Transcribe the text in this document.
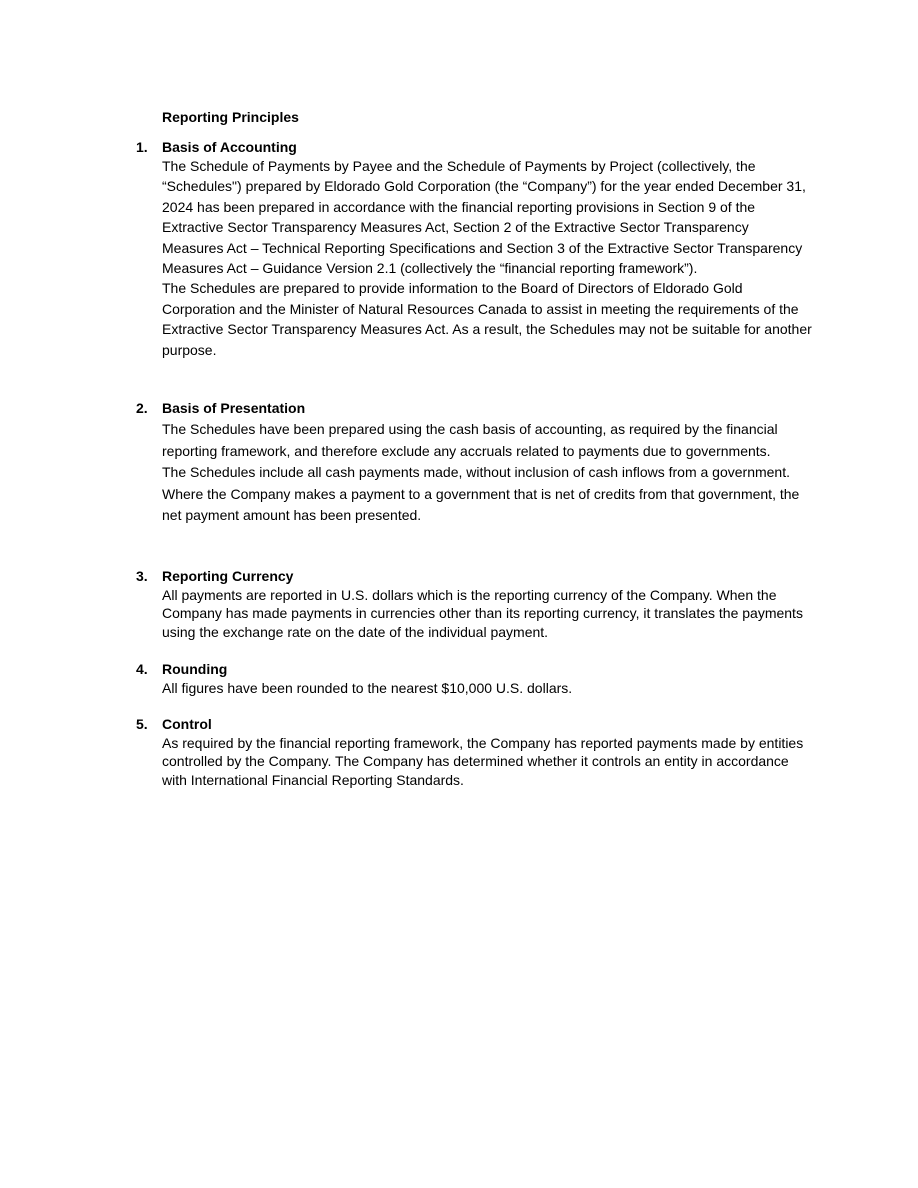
Reporting Principles
1. Basis of Accounting

The Schedule of Payments by Payee and the Schedule of Payments by Project (collectively, the “Schedules") prepared by Eldorado Gold Corporation (the “Company”) for the year ended December 31, 2024 has been prepared in accordance with the financial reporting provisions in Section 9 of the Extractive Sector Transparency Measures Act, Section 2 of the Extractive Sector Transparency Measures Act – Technical Reporting Specifications and Section 3 of the Extractive Sector Transparency Measures Act – Guidance Version 2.1 (collectively the “financial reporting framework”).

The Schedules are prepared to provide information to the Board of Directors of Eldorado Gold Corporation and the Minister of Natural Resources Canada to assist in meeting the requirements of the Extractive Sector Transparency Measures Act. As a result, the Schedules may not be suitable for another purpose.

2. Basis of Presentation

The Schedules have been prepared using the cash basis of accounting, as required by the financial reporting framework, and therefore exclude any accruals related to payments due to governments.

The Schedules include all cash payments made, without inclusion of cash inflows from a government. Where the Company makes a payment to a government that is net of credits from that government, the net payment amount has been presented.

3. Reporting Currency

All payments are reported in U.S. dollars which is the reporting currency of the Company. When the Company has made payments in currencies other than its reporting currency, it translates the payments using the exchange rate on the date of the individual payment.

4. Rounding

All figures have been rounded to the nearest $10,000 U.S. dollars.

5. Control

As required by the financial reporting framework, the Company has reported payments made by entities controlled by the Company. The Company has determined whether it controls an entity in accordance with International Financial Reporting Standards.
